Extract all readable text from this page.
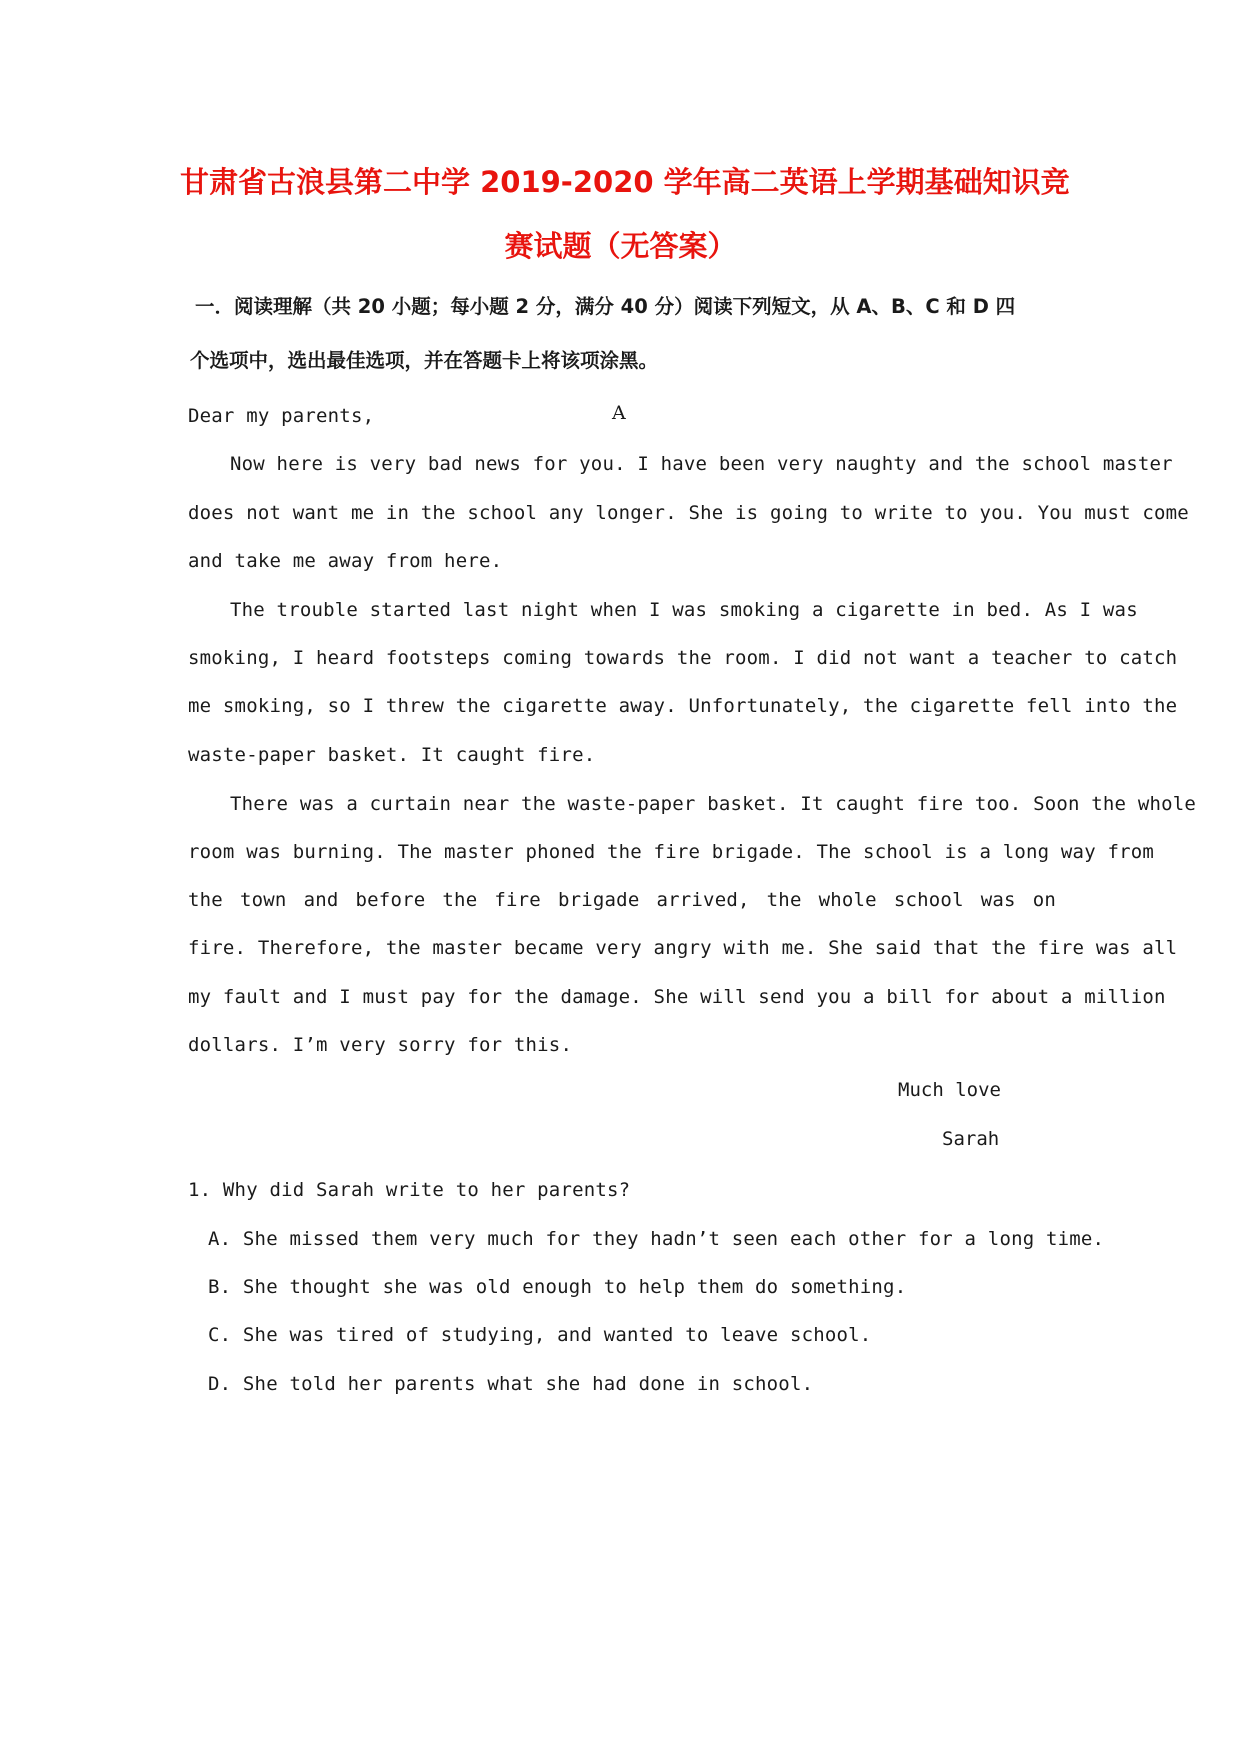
甘肃省古浪县第二中学 2019-2020 学年高二英语上学期基础知识竞
赛试题（无答案）
一．阅读理解（共 20 小题；每小题 2 分，满分 40 分）阅读下列短文，从 A、B、C 和 D 四
个选项中，选出最佳选项，并在答题卡上将该项涂黑。
A
Dear my parents,
Now here is very bad news for you. I have been very naughty and the school master
does not want me in the school any longer. She is going to write to you. You must come
and take me away from here.
The trouble started last night when I was smoking a cigarette in bed. As I was
smoking, I heard footsteps coming towards the room. I did not want a teacher to catch
me smoking, so I threw the cigarette away. Unfortunately, the cigarette fell into the
waste-paper basket. It caught fire.
There was a curtain near the waste-paper basket. It caught fire too. Soon the whole
room was burning. The master phoned the fire brigade. The school is a long way from
the town and before the fire brigade arrived, the whole school was on
fire. Therefore, the master became very angry with me. She said that the fire was all
my fault and I must pay for the damage. She will send you a bill for about a million
dollars. I’m very sorry for this.
Much love
Sarah
1. Why did Sarah write to her parents?
A. She missed them very much for they hadn’t seen each other for a long time.
B. She thought she was old enough to help them do something.
C. She was tired of studying, and wanted to leave school.
D. She told her parents what she had done in school.
